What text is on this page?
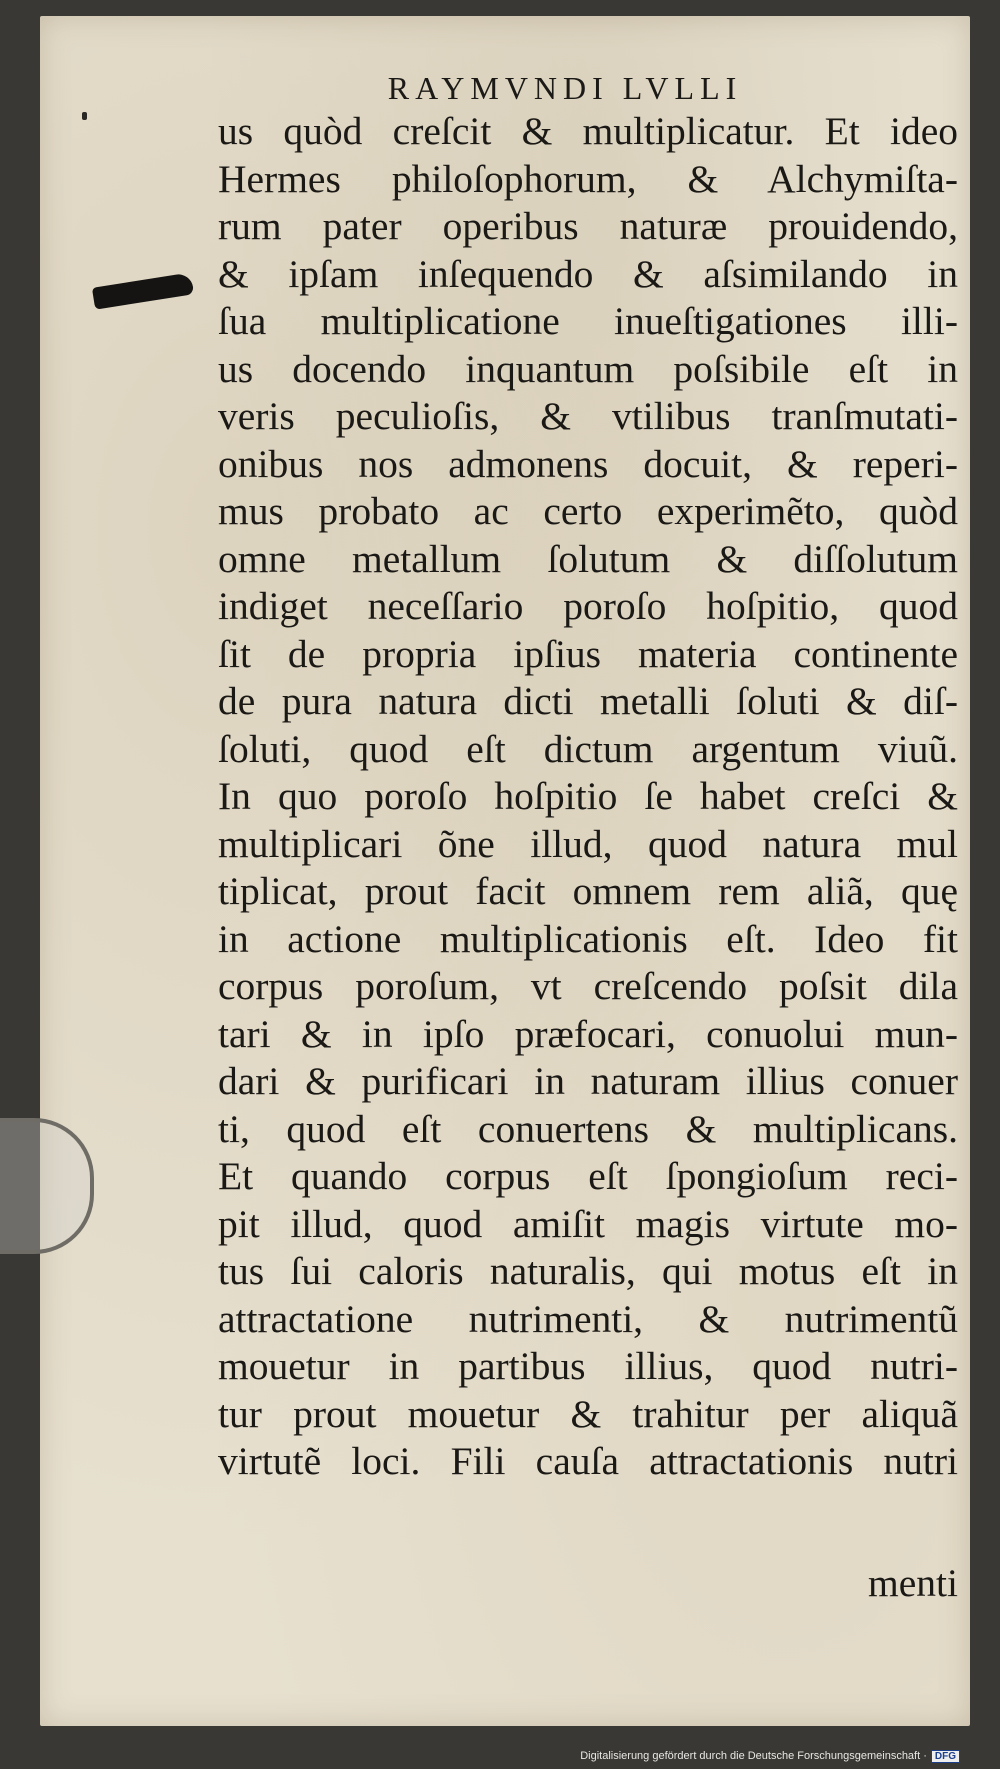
RAYMVNDI LVLLI
us quòd creſcit & multiplicatur. Et ideo
Hermes philoſophorum, & Alchymiſta-
rum pater operibus naturæ prouidendo,
& ipſam inſequendo & aſsimilando in
ſua multiplicatione inueſtigationes illi-
us docendo inquantum poſsibile eſt in
veris peculioſis, & vtilibus tranſmutati-
onibus nos admonens docuit, & reperi-
mus probato ac certo experimẽto, quòd
omne metallum ſolutum & diſſolutum
indiget neceſſario poroſo hoſpitio, quod
ſit de propria ipſius materia continente
de pura natura dicti metalli ſoluti & diſ-
ſoluti, quod eſt dictum argentum viuũ.
In quo poroſo hoſpitio ſe habet creſci &
multiplicari õne illud, quod natura mul
tiplicat, prout facit omnem rem aliã, quę
in actione multiplicationis eſt. Ideo fit
corpus poroſum, vt creſcendo poſsit dila
tari & in ipſo præfocari, conuolui mun-
dari & purificari in naturam illius conuer
ti, quod eſt conuertens & multiplicans.
Et quando corpus eſt ſpongioſum reci-
pit illud, quod amiſit magis virtute mo-
tus ſui caloris naturalis, qui motus eſt in
attractatione nutrimenti, & nutrimentũ
mouetur in partibus illius, quod nutri-
tur prout mouetur & trahitur per aliquã
virtutẽ loci. Fili cauſa attractationis nutri
menti
Digitalisierung gefördert durch die Deutsche Forschungsgemeinschaft · DFG
